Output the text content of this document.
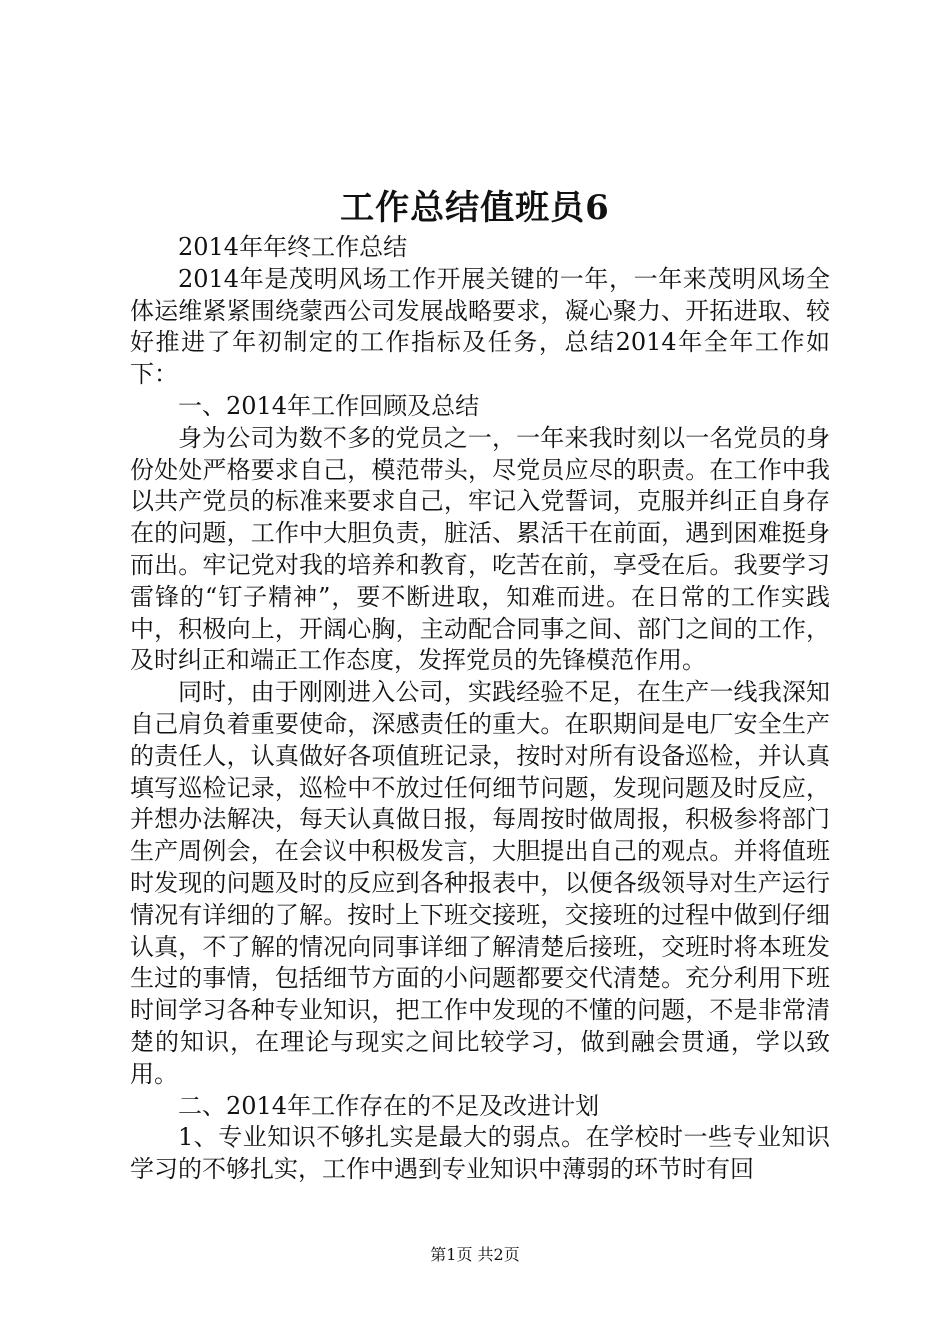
工作总结值班员6

2014年年终工作总结

2014年是茂明风场工作开展关键的一年，一年来茂明风场全体运维紧紧围绕蒙西公司发展战略要求，凝心聚力、开拓进取、较好推进了年初制定的工作指标及任务，总结2014年全年工作如下：

一、2014年工作回顾及总结

身为公司为数不多的党员之一，一年来我时刻以一名党员的身份处处严格要求自己，模范带头，尽党员应尽的职责。在工作中我以共产党员的标准来要求自己，牢记入党誓词，克服并纠正自身存在的问题，工作中大胆负责，脏活、累活干在前面，遇到困难挺身而出。牢记党对我的培养和教育，吃苦在前，享受在后。我要学习雷锋的“钉子精神”，要不断进取，知难而进。在日常的工作实践中，积极向上，开阔心胸，主动配合同事之间、部门之间的工作，及时纠正和端正工作态度，发挥党员的先锋模范作用。

同时，由于刚刚进入公司，实践经验不足，在生产一线我深知自己肩负着重要使命，深感责任的重大。在职期间是电厂安全生产的责任人，认真做好各项值班记录，按时对所有设备巡检，并认真填写巡检记录，巡检中不放过任何细节问题，发现问题及时反应，并想办法解决，每天认真做日报，每周按时做周报，积极参将部门生产周例会，在会议中积极发言，大胆提出自己的观点。并将值班时发现的问题及时的反应到各种报表中，以便各级领导对生产运行情况有详细的了解。按时上下班交接班，交接班的过程中做到仔细认真，不了解的情况向同事详细了解清楚后接班，交班时将本班发生过的事情，包括细节方面的小问题都要交代清楚。充分利用下班时间学习各种专业知识，把工作中发现的不懂的问题，不是非常清楚的知识，在理论与现实之间比较学习，做到融会贯通，学以致用。

二、2014年工作存在的不足及改进计划

1、专业知识不够扎实是最大的弱点。在学校时一些专业知识学习的不够扎实，工作中遇到专业知识中薄弱的环节时有回

第1页 共2页
